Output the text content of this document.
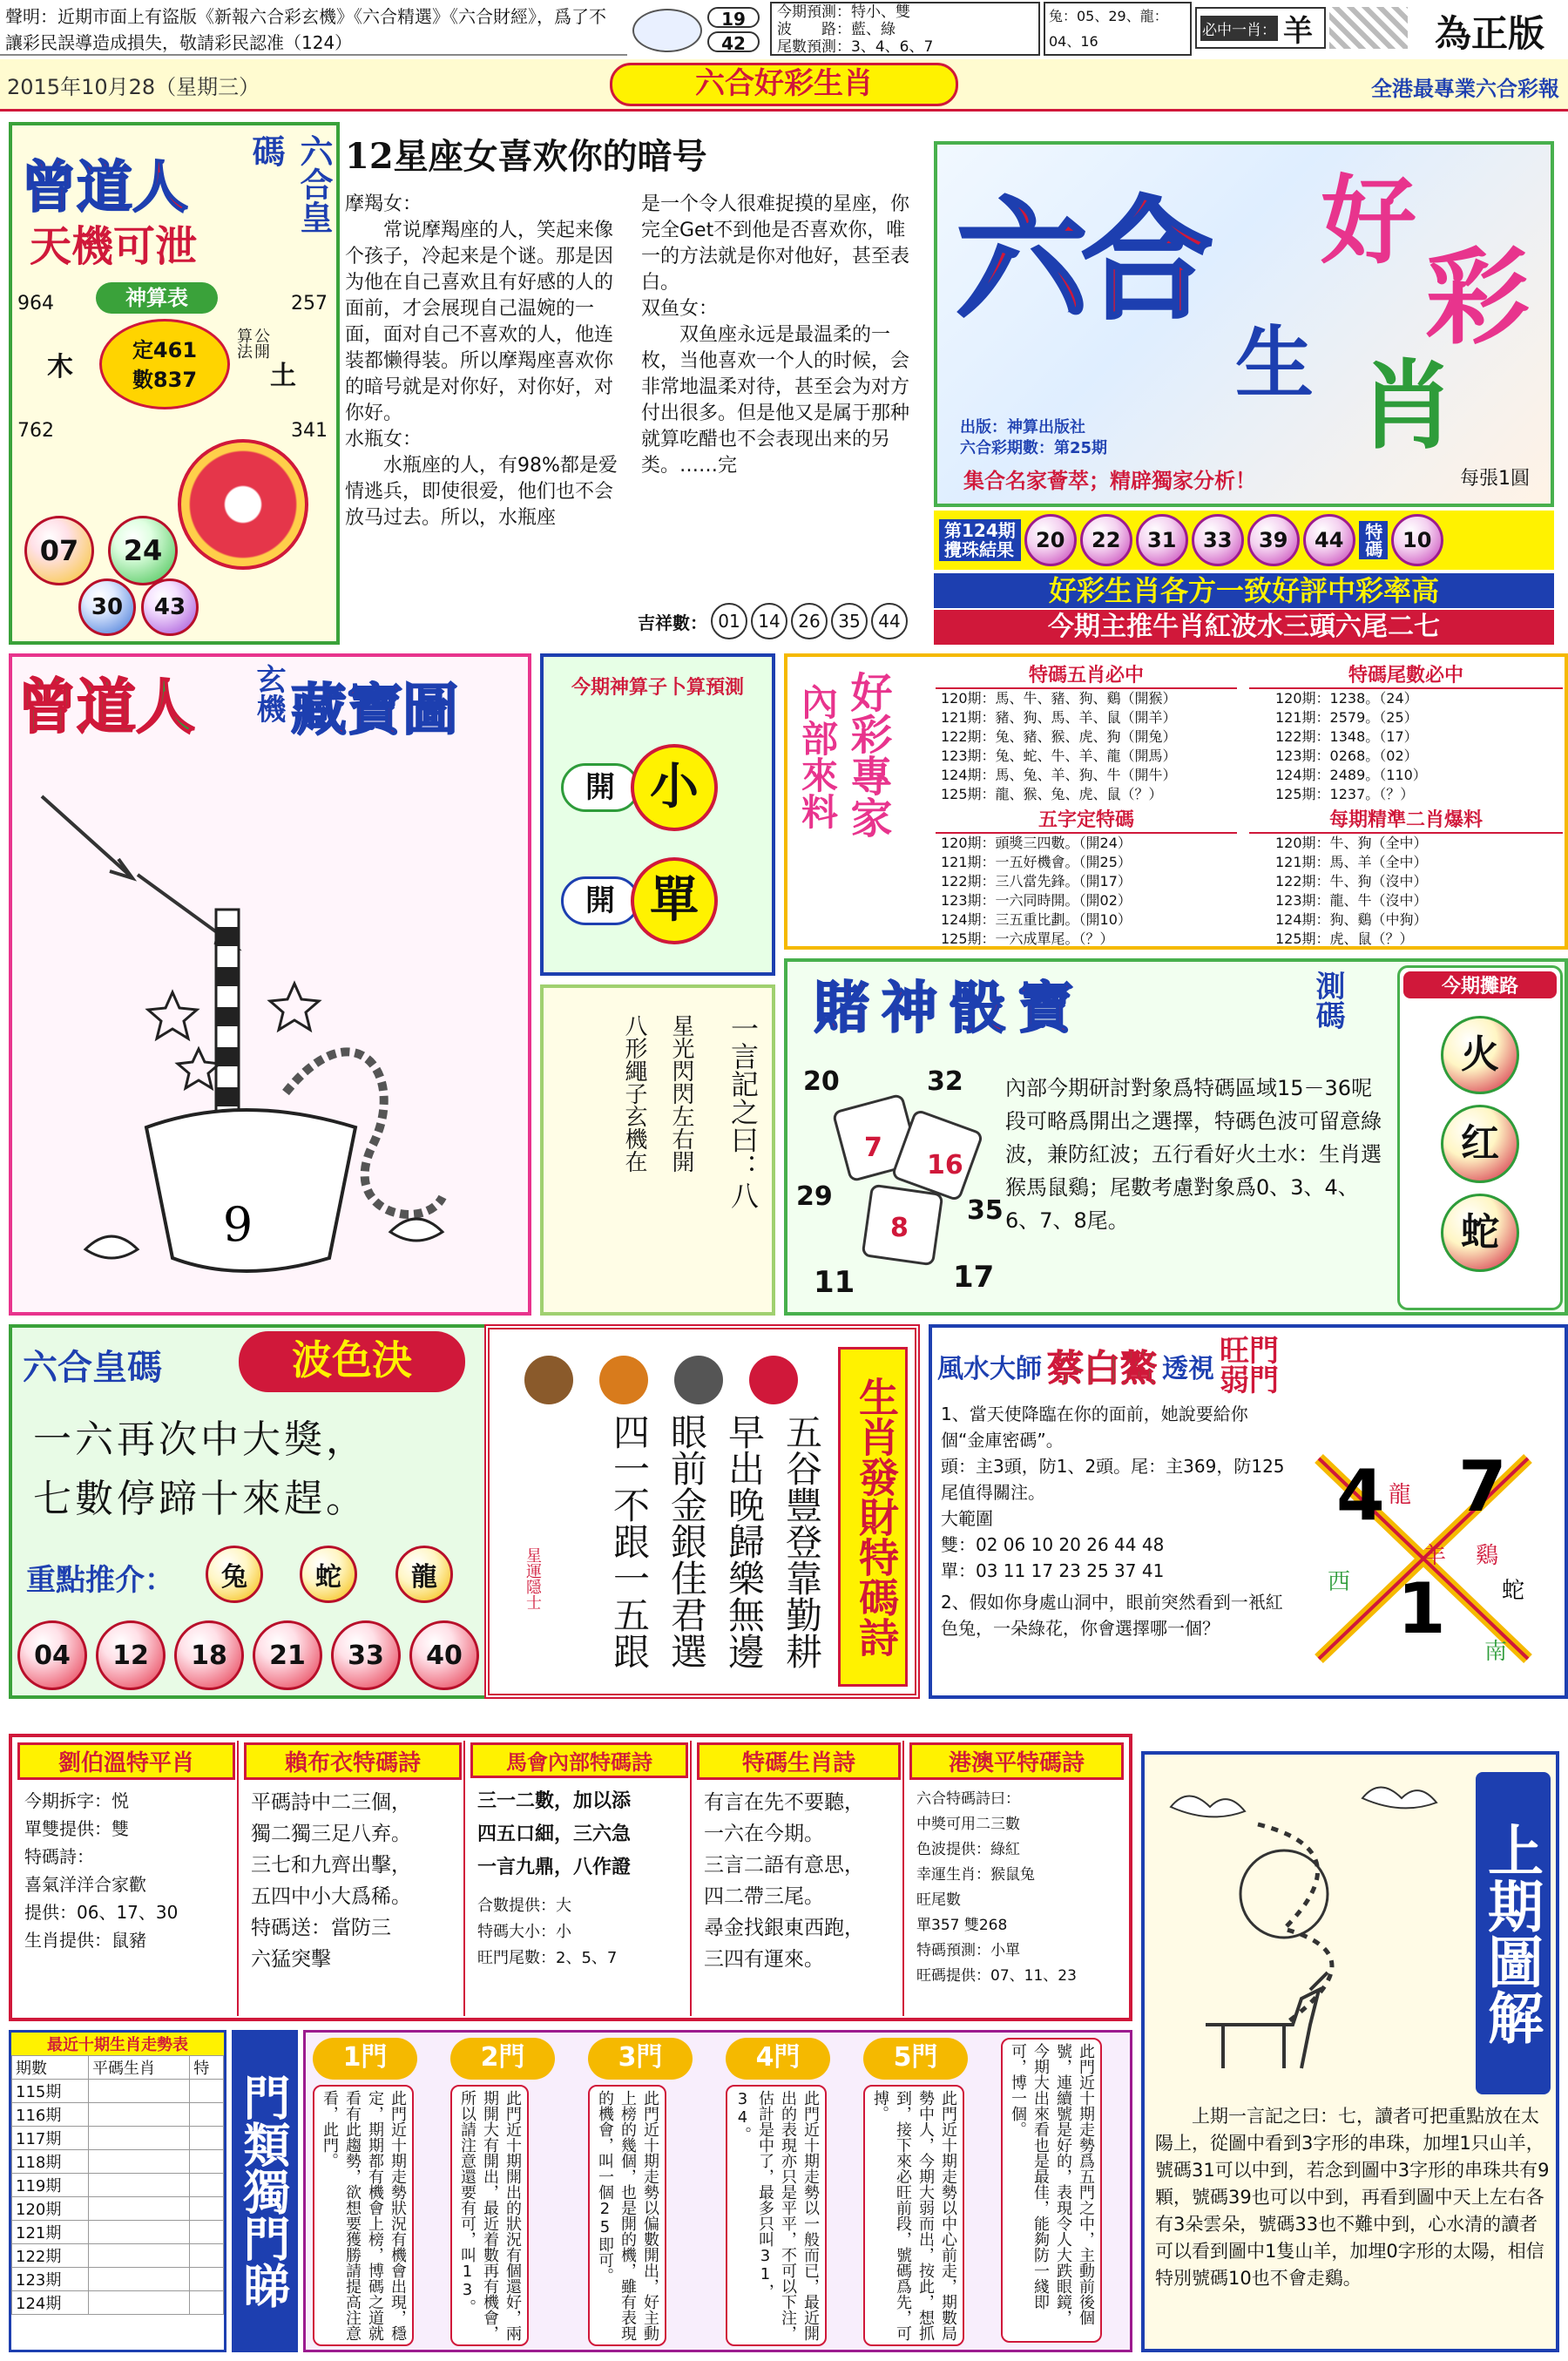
聲明：近期市面上有盜版《新報六合彩玄機》《六合精選》《六合財經》，爲了不讓彩民誤導造成損失，敬請彩民認准（124）
19
42
今期預測：特小、雙
波　　路：藍、綠
尾數預測：3、4、6、7
兔：05、29、龍：04、16
必中一肖： 羊	為正版
2015年10月28（星期三）	六合好彩生肖	全港最專業六合彩報
曾道人	六合皇碼
天機可泄
神算表
964	257
762	341
木	土
定461
數837
算法 公開
07	24
30	43
12星座女喜欢你的暗号
摩羯女：
　　常说摩羯座的人，笑起来像个孩子，冷起来是个谜。那是因为他在自己喜欢且有好感的人的面前，才会展现自己温婉的一面，面对自己不喜欢的人，他连装都懒得装。所以摩羯座喜欢你的暗号就是对你好，对你好，对你好。
水瓶女：
　　水瓶座的人，有98%都是爱情逃兵，即使很爱，他们也不会放马过去。所以，水瓶座
是一个令人很难捉摸的星座，你完全Get不到他是否喜欢你，唯一的方法就是你对他好，甚至表白。
双鱼女：
　　双鱼座永远是最温柔的一枚，当他喜欢一个人的时候，会非常地温柔对待，甚至会为对方付出很多。但是他又是属于那种就算吃醋也不会表现出来的另类。……完
吉祥數： 01	14	26	35	44
六合 好
彩
生 肖
出版：神算出版社
六合彩期數：第25期
集合名家薈萃；精辟獨家分析！	每張1圓
第124期
攪珠結果	20	22	31	33	39	44	特碼 10
好彩生肖各方一致好評中彩率高
今期主推牛肖紅波水三頭六尾二七
曾道人 玄機 藏寶圖
9
今期神算子卜算預測
開 小
開 單
一言記之曰：八
星光閃閃左右開
八形繩子玄機在
好彩專家
內部來料
特碼五肖必中
120期：馬、牛、豬、狗、鷄（開猴）
121期：豬、狗、馬、羊、鼠（開羊）
122期：兔、豬、猴、虎、狗（開兔）
123期：兔、蛇、牛、羊、龍（開馬）
124期：馬、兔、羊、狗、牛（開牛）
125期：龍、猴、兔、虎、鼠（？）
特碼尾數必中
120期：1238。（24）
121期：2579。（25）
122期：1348。（17）
123期：0268。（02）
124期：2489。（110）
125期：1237。（？）
五字定特碼
120期：頭獎三四數。（開24）
121期：一五好機會。（開25）
122期：三八當先鋒。（開17）
123期：一六同時開。（開02）
124期：三五重比劃。（開10）
125期：一六成單尾。（？）
每期精準二肖爆料
120期：牛、狗（全中）
121期：馬、羊（全中）
122期：牛、狗（沒中）
123期：龍、牛（沒中）
124期：狗、鷄（中狗）
125期：虎、鼠（？）
賭神骰寶	測碼	今期攤路
火
红
蛇
20	32
7
16
29	35
8
11	17
內部今期研討對象爲特碼區域15－36呢段可略爲開出之選擇，特碼色波可留意綠波，兼防紅波；五行看好火土水：生肖選猴馬鼠鷄；尾數考慮對象爲0、3、4、6、7、8尾。
六合皇碼	波色決
一六再次中大獎，
七數停蹄十來趕。
重點推介：	兔	蛇	龍
04	12	18	21	33	40	五谷豐登靠勤耕
早出晚歸樂無邊
眼前金銀佳君選
四一不跟一五跟
星運隱士	生肖發財特碼詩
風水大師 蔡白鰲 透視
旺門弱門
1、當天使降臨在你的面前，她說要給你個“金庫密碼”。
頭：主3頭，防1、2頭。尾：主369，防125尾值得關注。
大範圍
雙：02 06 10 20 26 44 48
單：03 11 17 23 25 37 41
2、假如你身處山洞中，眼前突然看到一衹紅色兔，一朵綠花，你會選擇哪一個？
4 7
1
龍
羊 鷄
蛇
西
南
劉伯溫特平肖
今期拆字：悦
單雙提供：雙
特碼詩：
喜氣洋洋合家歡
提供：06、17、30
生肖提供：鼠豬
賴布衣特碼詩
平碼詩中二三個，
獨二獨三足八弃。
三七和九齊出擊，
五四中小大爲稀。
特碼送：當防三
六猛突擊
馬會內部特碼詩
三一二數，加以添
四五口細，三六急
一言九鼎，八作證
合數提供：大
特碼大小：小
旺門尾數：2、5、7
特碼生肖詩
有言在先不要聽，
一六在今期。
三言二語有意思，
四二帶三尾。
尋金找銀東西跑，
三四有運來。
港澳平特碼詩
六合特碼詩曰：
中獎可用二三數
色波提供：綠紅
幸運生肖：猴鼠兔
旺尾數
單357 雙268
特碼預測：小單
旺碼提供：07、11、23	上期圖解
上期一言記之曰：七，讀者可把重點放在太陽上，從圖中看到3字形的串珠，加埋1只山羊，號碼31可以中到，若念到圖中3字形的串珠共有9顆，號碼39也可以中到，再看到圖中天上左右各有3朵雲朵，號碼33也不難中到，心水清的讀者可以看到圖中1隻山羊，加埋0字形的太陽，相信特別號碼10也不會走鷄。
最近十期生肖走勢表
期數	平碼生肖	特
115期		
116期		
117期		
118期		
119期		
120期		
121期		
122期		
123期		
124期			門類獨門睇
1門
此門近十期走勢狀況有機會出現，穩定，期期都有機會上榜，博碼之道就看有此趨勢，欲想要獲勝請提高注意看，此門。
2門
此門近十期開出的狀況有個還好，兩期開大有開出，最近着數再有機會，所以請注意還要有可，叫13。
3門
此門近十期走勢以偏數開出，好主動上榜的幾個，也是開的機，雖有表現的機會，叫一個25即可。
4門
此門近十期走勢以一般而已，最近開出的表現亦只是平平，不可以下注，估計是中了，最多只叫31，34。
5門
此門近十期走勢以中心前走，期數局勢中人，今期大弱而出，按此，想抓到，接下來必旺前段，號碼爲先，可搏。	此門近十期走勢爲五門之中，主動前後個號，連續號是好的，表現令人大跌眼鏡，今期大出來看也是最佳，能夠防一綫即可，博一個。
